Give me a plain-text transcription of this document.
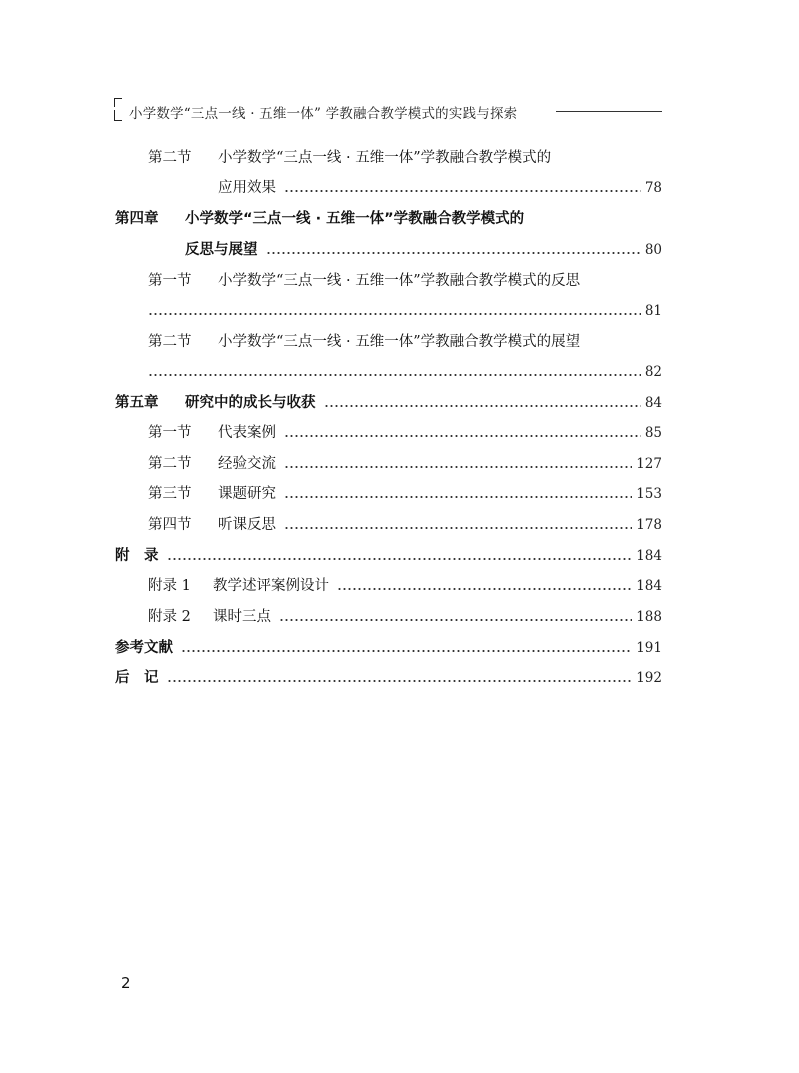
小学数学“三点一线 · 五维一体” 学教融合教学模式的实践与探索
第二节	小学数学“三点一线 · 五维一体”学教融合教学模式的
应用效果	78
第四章	小学数学“三点一线 · 五维一体”学教融合教学模式的
反思与展望	80
第一节	小学数学“三点一线 · 五维一体”学教融合教学模式的反思
81
第二节	小学数学“三点一线 · 五维一体”学教融合教学模式的展望
82
第五章	研究中的成长与收获	84
第一节	代表案例	85
第二节	经验交流	127
第三节	课题研究	153
第四节	听课反思	178
附　录	184
附录 1	教学述评案例设计	184
附录 2	课时三点	188
参考文献	191
后　记	192
2
